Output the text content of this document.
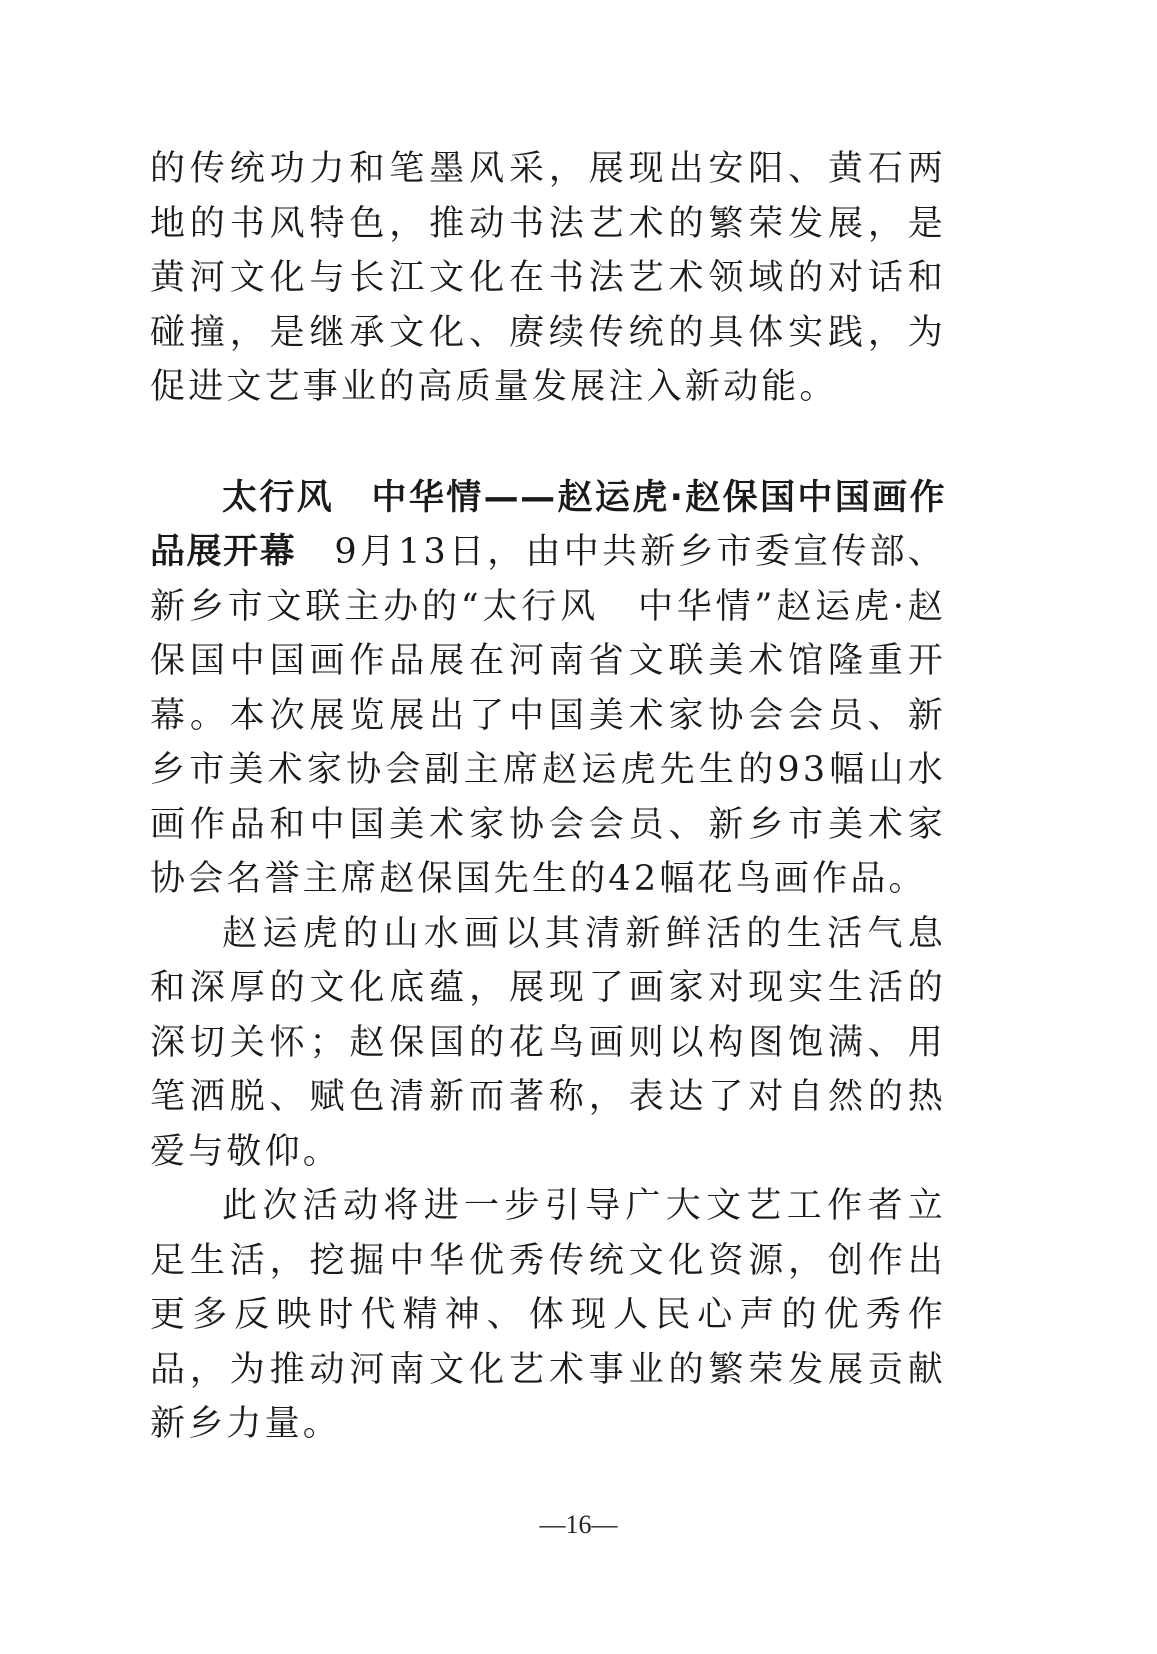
的传统功力和笔墨风采，展现出安阳、黄石两地的书风特色，推动书法艺术的繁荣发展，是黄河文化与长江文化在书法艺术领域的对话和碰撞，是继承文化、赓续传统的具体实践，为促进文艺事业的高质量发展注入新动能。

太行风　中华情——赵运虎·赵保国中国画作品展开幕　9月13日，由中共新乡市委宣传部、新乡市文联主办的“太行风　中华情”赵运虎·赵保国中国画作品展在河南省文联美术馆隆重开幕。本次展览展出了中国美术家协会会员、新乡市美术家协会副主席赵运虎先生的93幅山水画作品和中国美术家协会会员、新乡市美术家协会名誉主席赵保国先生的42幅花鸟画作品。

赵运虎的山水画以其清新鲜活的生活气息和深厚的文化底蕴，展现了画家对现实生活的深切关怀；赵保国的花鸟画则以构图饱满、用笔洒脱、赋色清新而著称，表达了对自然的热爱与敬仰。

此次活动将进一步引导广大文艺工作者立足生活，挖掘中华优秀传统文化资源，创作出更多反映时代精神、体现人民心声的优秀作品，为推动河南文化艺术事业的繁荣发展贡献新乡力量。

—16—
